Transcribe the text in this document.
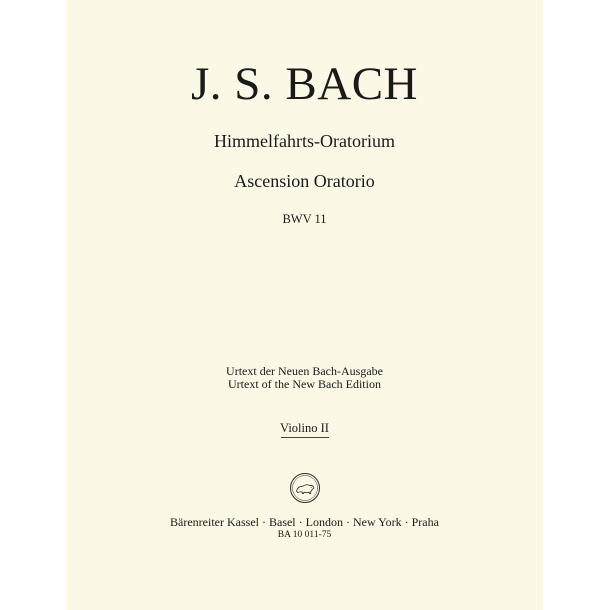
J. S. BACH
Himmelfahrts-Oratorium
Ascension Oratorio
BWV 11
Urtext der Neuen Bach-Ausgabe
Urtext of the New Bach Edition
Violino II
Bärenreiter Kassel · Basel · London · New York · Praha
BA 10 011-75
